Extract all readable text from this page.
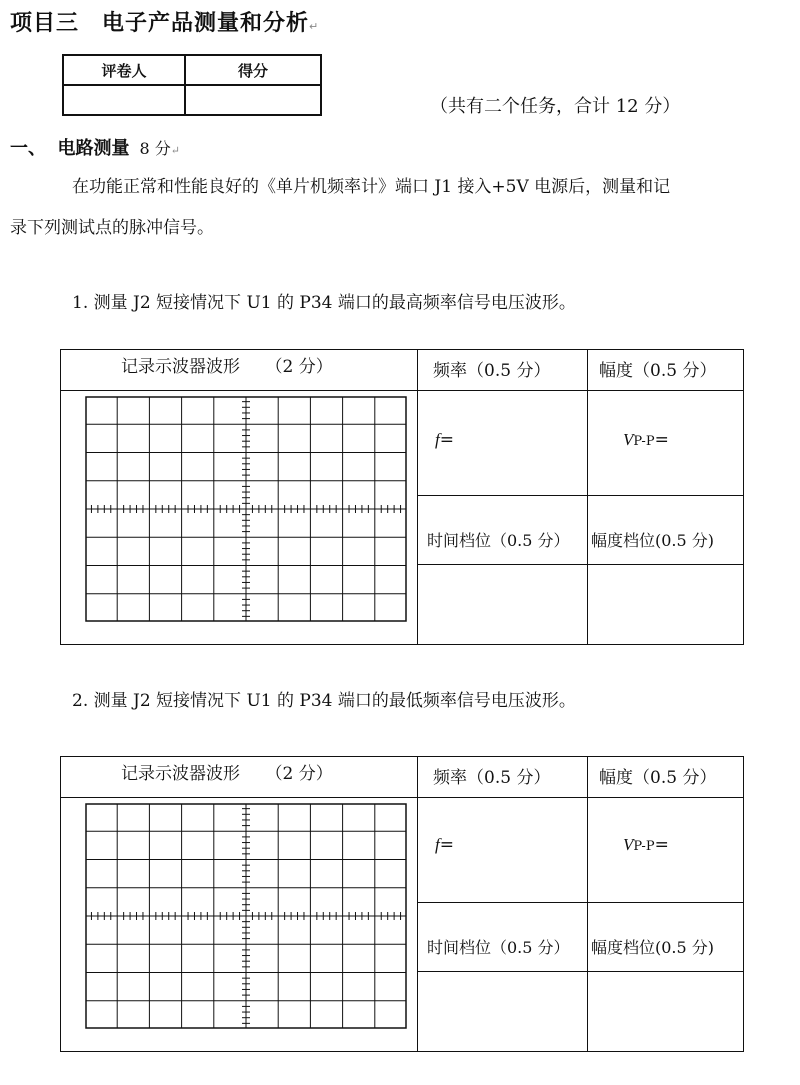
项目三　电子产品测量和分析↵
评卷人	得分

（共有二个任务，合计 12 分）
一、 电路测量 8 分↵
在功能正常和性能良好的《单片机频率计》端口 J1 接入+5V 电源后，测量和记
录下列测试点的脉冲信号。
1. 测量 J2 短接情况下 U1 的 P34 端口的最高频率信号电压波形。
记录示波器波形　　（2 分）	频率（0.5 分）	幅度（0.5 分）
f=	VP-P=
时间档位（0.5 分） 幅度档位(0.5 分)
2. 测量 J2 短接情况下 U1 的 P34 端口的最低频率信号电压波形。
记录示波器波形　　（2 分）	频率（0.5 分）	幅度（0.5 分）
f=	VP-P=
时间档位（0.5 分） 幅度档位(0.5 分)
